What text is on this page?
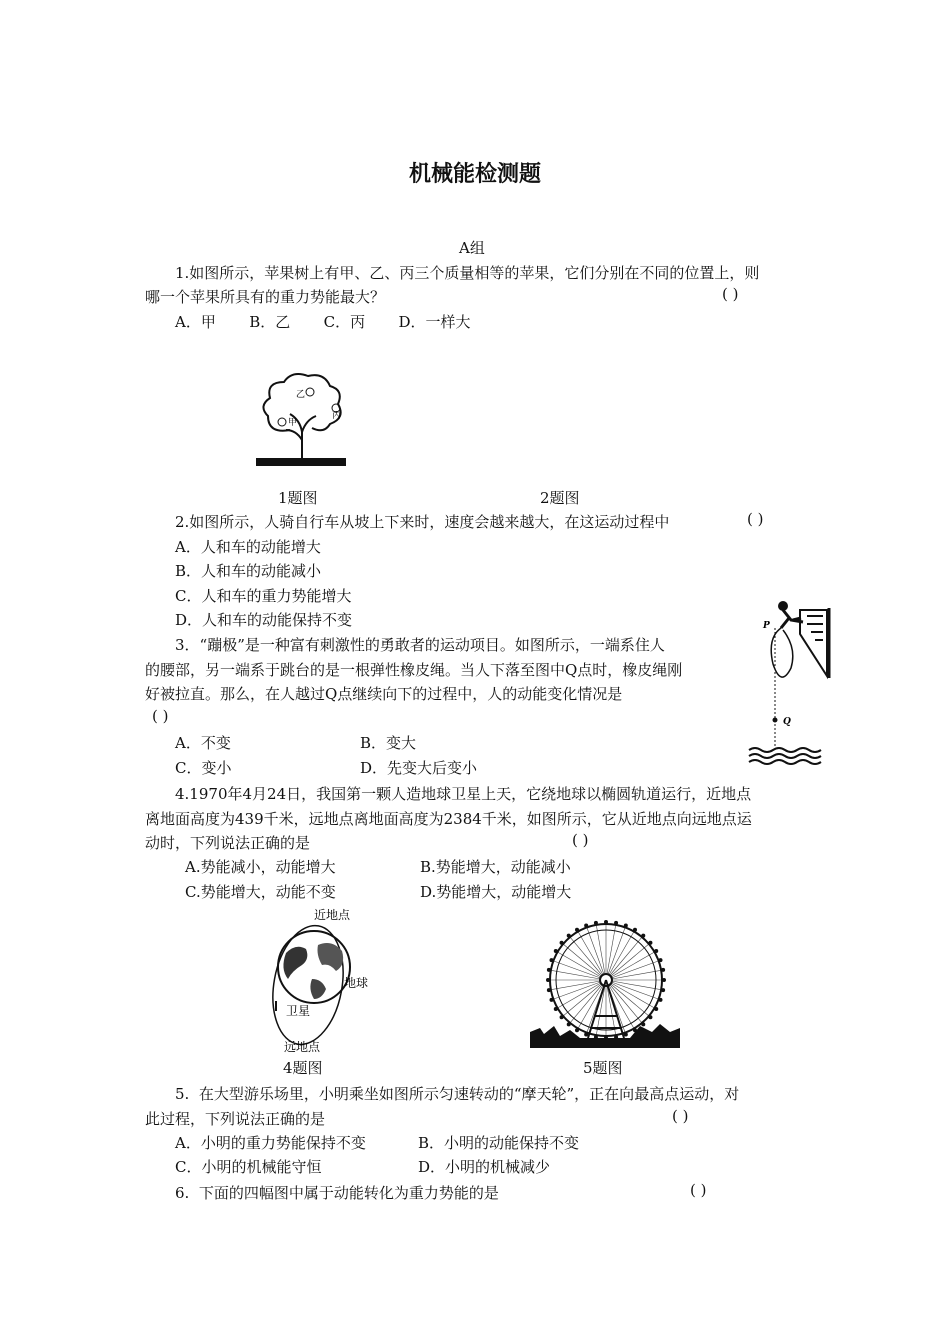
机械能检测题
A组
1.如图所示，苹果树上有甲、乙、丙三个质量相等的苹果，它们分别在不同的位置上，则
哪一个苹果所具有的重力势能最大？	( )
A．甲       B．乙       C．丙       D．一样大
乙
甲
丙
1题图	2题图
2.如图所示，人骑自行车从坡上下来时，速度会越来越大，在这运动过程中	( )
A．人和车的动能增大
B．人和车的动能减小
C．人和车的重力势能增大
D．人和车的动能保持不变
3．“蹦极”是一种富有刺激性的勇敢者的运动项目。如图所示，一端系住人
的腰部，另一端系于跳台的是一根弹性橡皮绳。当人下落至图中Q点时，橡皮绳刚
好被拉直。那么，在人越过Q点继续向下的过程中，人的动能变化情况是
( )
A．不变	B．变大
C．变小	D．先变大后变小
P
Q
4.1970年4月24日，我国第一颗人造地球卫星上天，它绕地球以椭圆轨道运行，近地点
离地面高度为439千米，远地点离地面高度为2384千米，如图所示，它从近地点向远地点运
动时，下列说法正确的是	( )
A.势能减小，动能增大	B.势能增大，动能减小
C.势能增大，动能不变	D.势能增大，动能增大
近地点
地球
卫星
远地点
4题图	5题图
5.  在大型游乐场里，小明乘坐如图所示匀速转动的“摩天轮”，正在向最高点运动，对
此过程，下列说法正确的是	( )
A．小明的重力势能保持不变	B．小明的动能保持不变
C．小明的机械能守恒	D．小明的机械减少
6.  下面的四幅图中属于动能转化为重力势能的是	( )
